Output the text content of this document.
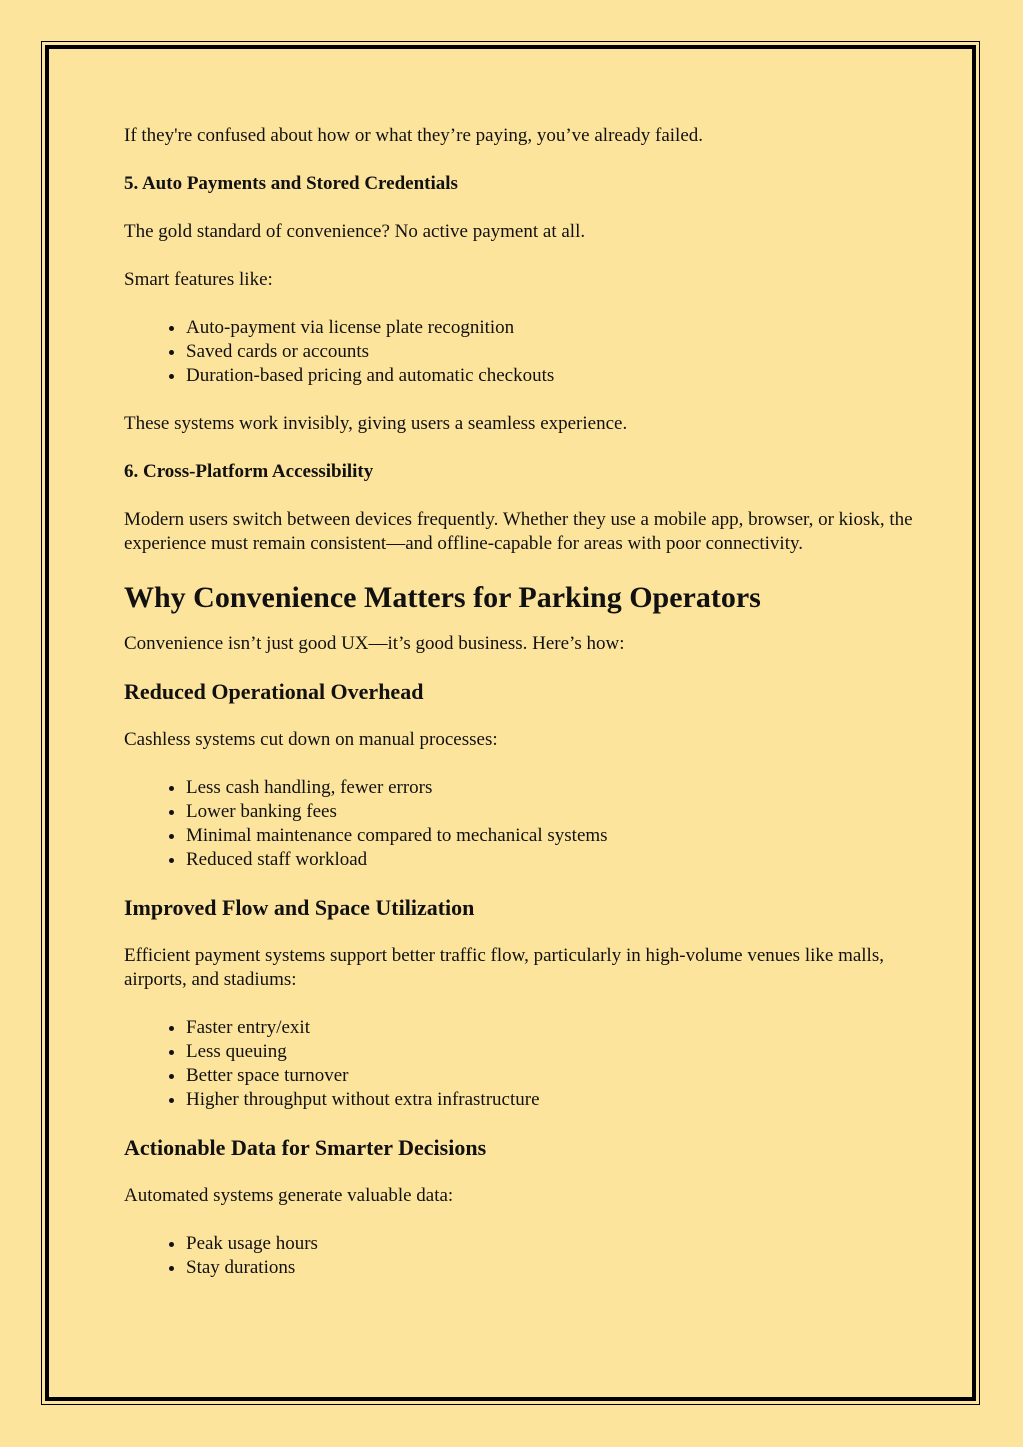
If they're confused about how or what they’re paying, you’ve already failed.

5. Auto Payments and Stored Credentials

The gold standard of convenience? No active payment at all.

Smart features like:

• Auto-payment via license plate recognition
• Saved cards or accounts
• Duration-based pricing and automatic checkouts

These systems work invisibly, giving users a seamless experience.

6. Cross-Platform Accessibility

Modern users switch between devices frequently. Whether they use a mobile app, browser, or kiosk, the experience must remain consistent—and offline-capable for areas with poor connectivity.

Why Convenience Matters for Parking Operators

Convenience isn’t just good UX—it’s good business. Here’s how:

Reduced Operational Overhead

Cashless systems cut down on manual processes:

• Less cash handling, fewer errors
• Lower banking fees
• Minimal maintenance compared to mechanical systems
• Reduced staff workload

Improved Flow and Space Utilization

Efficient payment systems support better traffic flow, particularly in high-volume venues like malls, airports, and stadiums:

• Faster entry/exit
• Less queuing
• Better space turnover
• Higher throughput without extra infrastructure

Actionable Data for Smarter Decisions

Automated systems generate valuable data:

• Peak usage hours
• Stay durations
